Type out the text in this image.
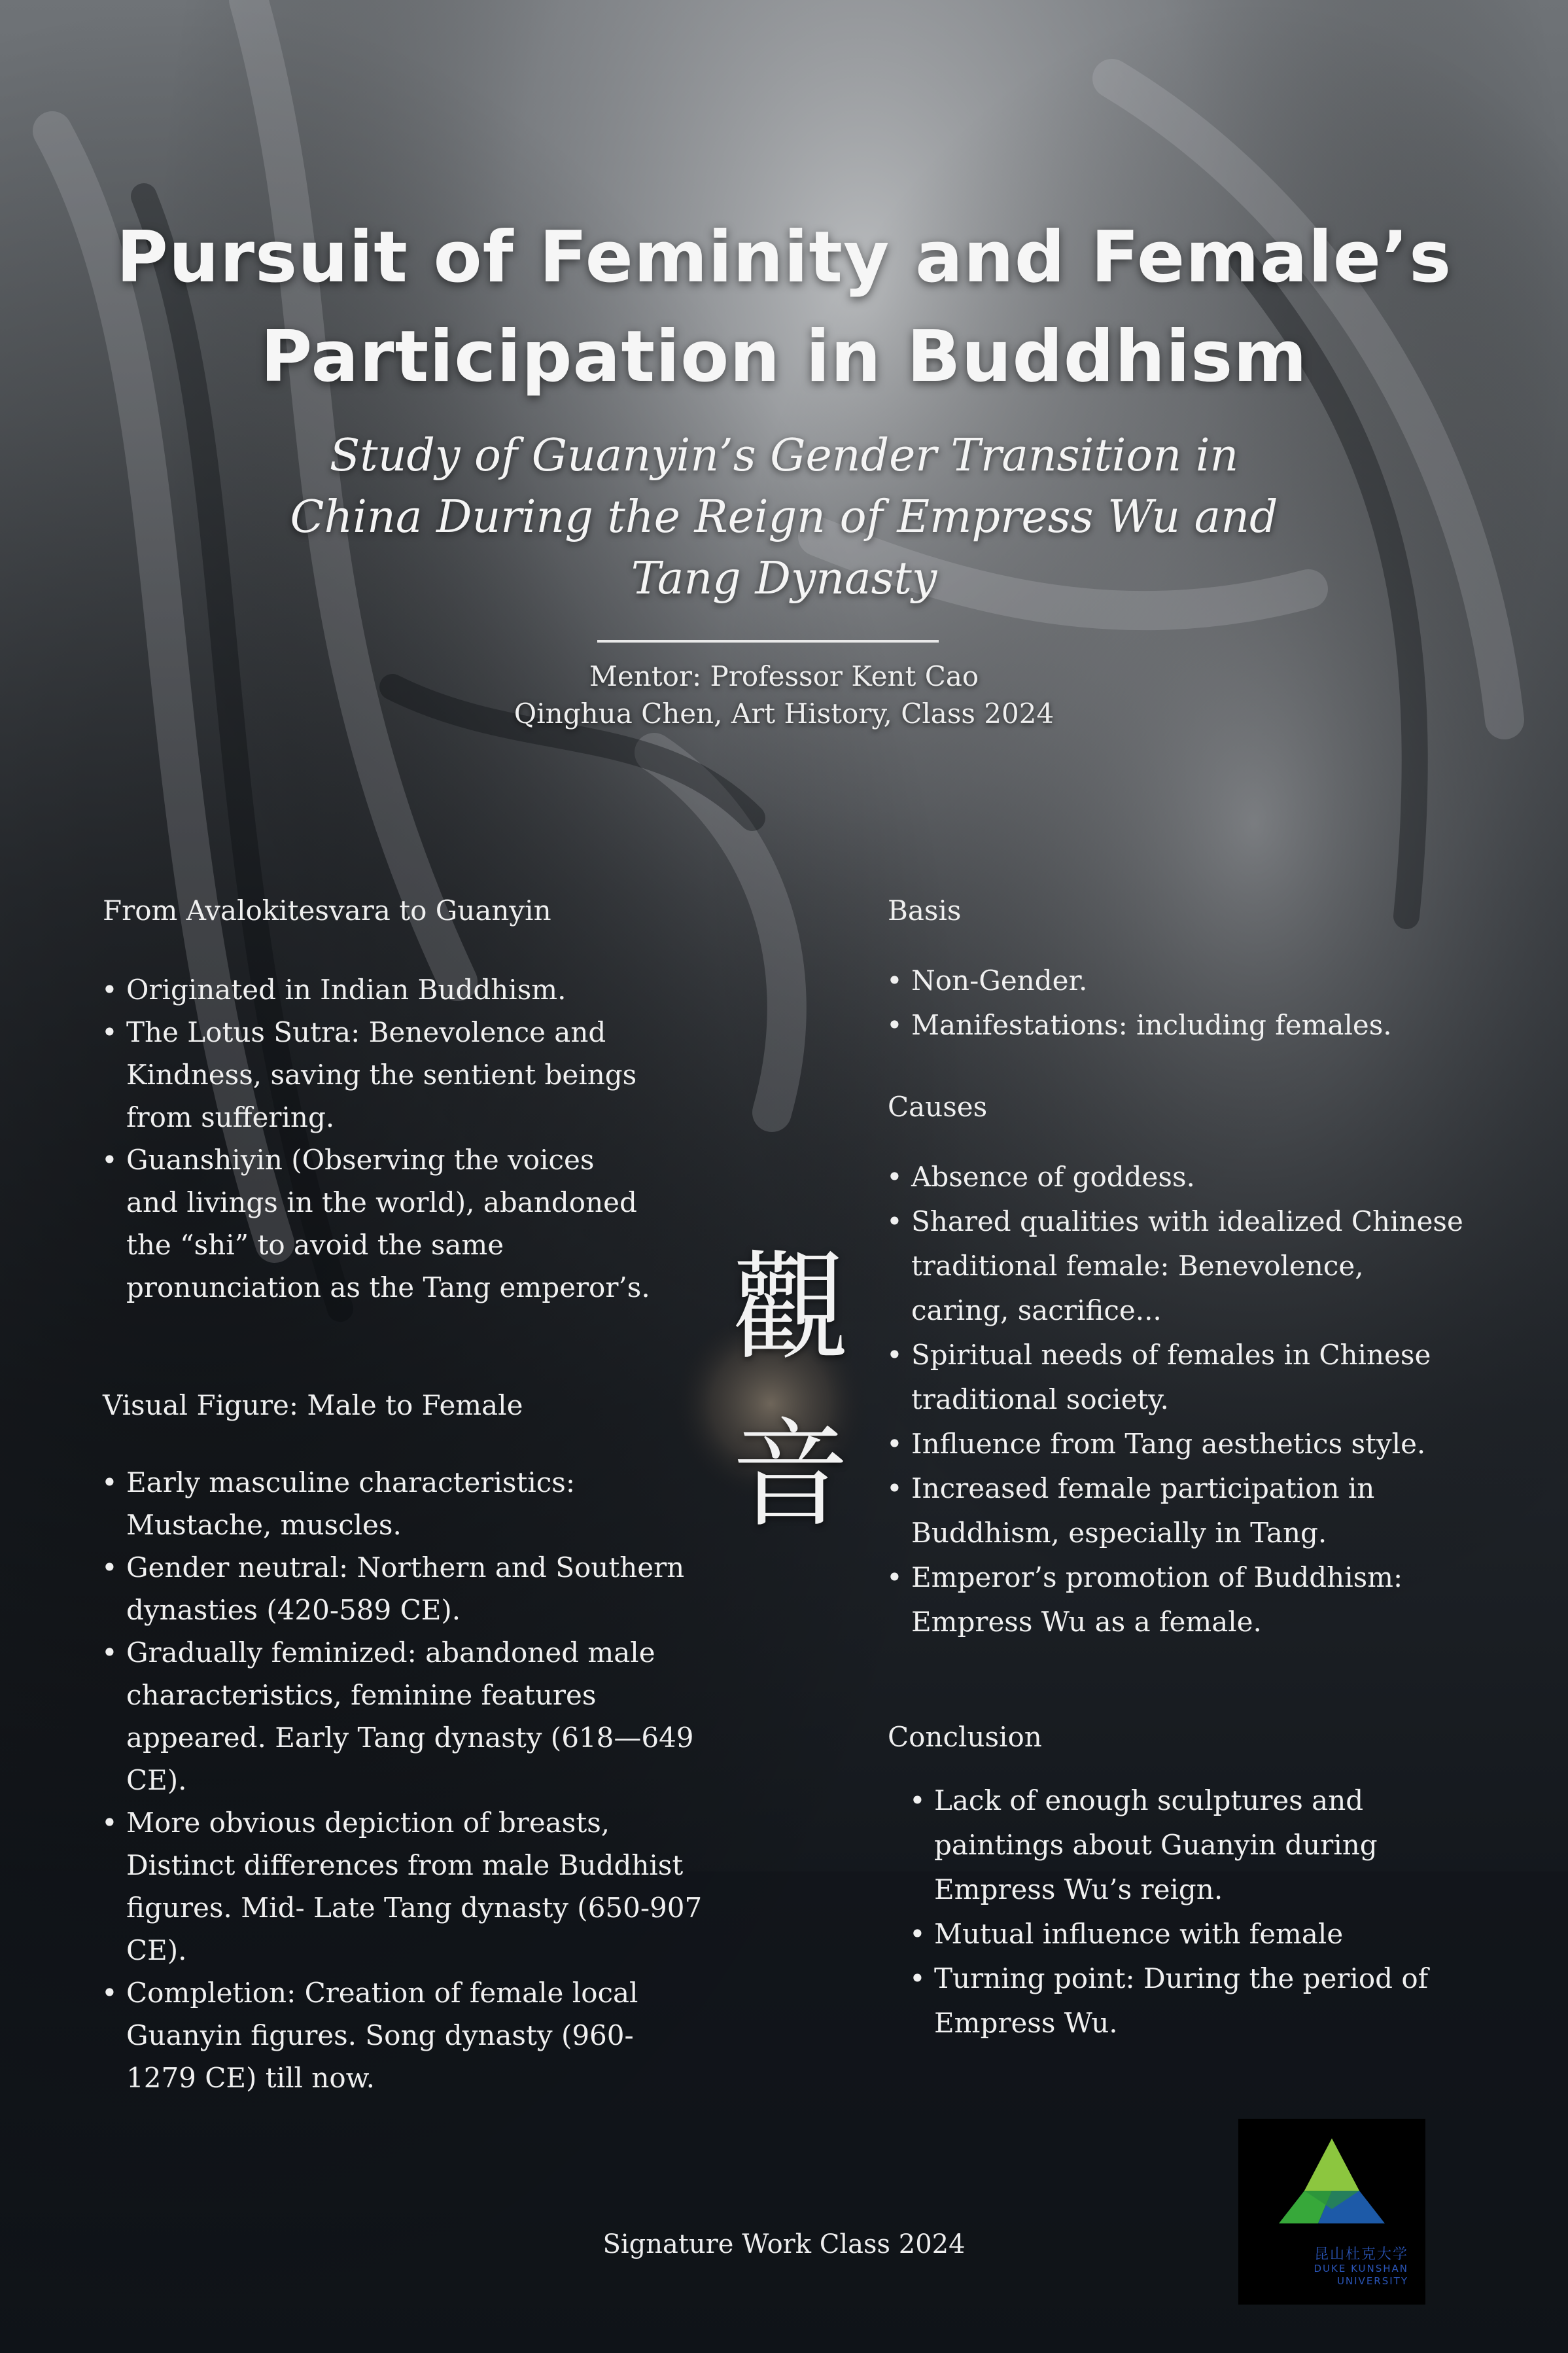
Pursuit of Feminity and Female’s
Participation in Buddhism
Study of Guanyin’s Gender Transition in
China During the Reign of Empress Wu and
Tang Dynasty
Mentor: Professor Kent Cao
Qinghua Chen, Art History, Class 2024
From Avalokitesvara to Guanyin
• Originated in Indian Buddhism.
• The Lotus Sutra: Benevolence and
Kindness, saving the sentient beings
from suffering.
• Guanshiyin (Observing the voices
and livings in the world), abandoned
the “shi” to avoid the same
pronunciation as the Tang emperor’s.
Visual Figure: Male to Female
• Early masculine characteristics:
Mustache, muscles.
• Gender neutral: Northern and Southern
dynasties (420-589 CE).
• Gradually feminized: abandoned male
characteristics, feminine features
appeared. Early Tang dynasty (618—649
CE).
• More obvious depiction of breasts,
Distinct differences from male Buddhist
figures. Mid- Late Tang dynasty (650-907
CE).
• Completion: Creation of female local
Guanyin figures. Song dynasty (960-
1279 CE) till now.
觀
音
Basis
• Non-Gender.
• Manifestations: including females.
Causes
• Absence of goddess.
• Shared qualities with idealized Chinese
traditional female: Benevolence,
caring, sacrifice...
• Spiritual needs of females in Chinese
traditional society.
• Influence from Tang aesthetics style.
• Increased female participation in
Buddhism, especially in Tang.
• Emperor’s promotion of Buddhism:
Empress Wu as a female.
Conclusion
• Lack of enough sculptures and
paintings about Guanyin during
Empress Wu’s reign.
• Mutual influence with female
• Turning point: During the period of
Empress Wu.
Signature Work Class 2024	昆山杜克大学
DUKE KUNSHAN
UNIVERSITY
